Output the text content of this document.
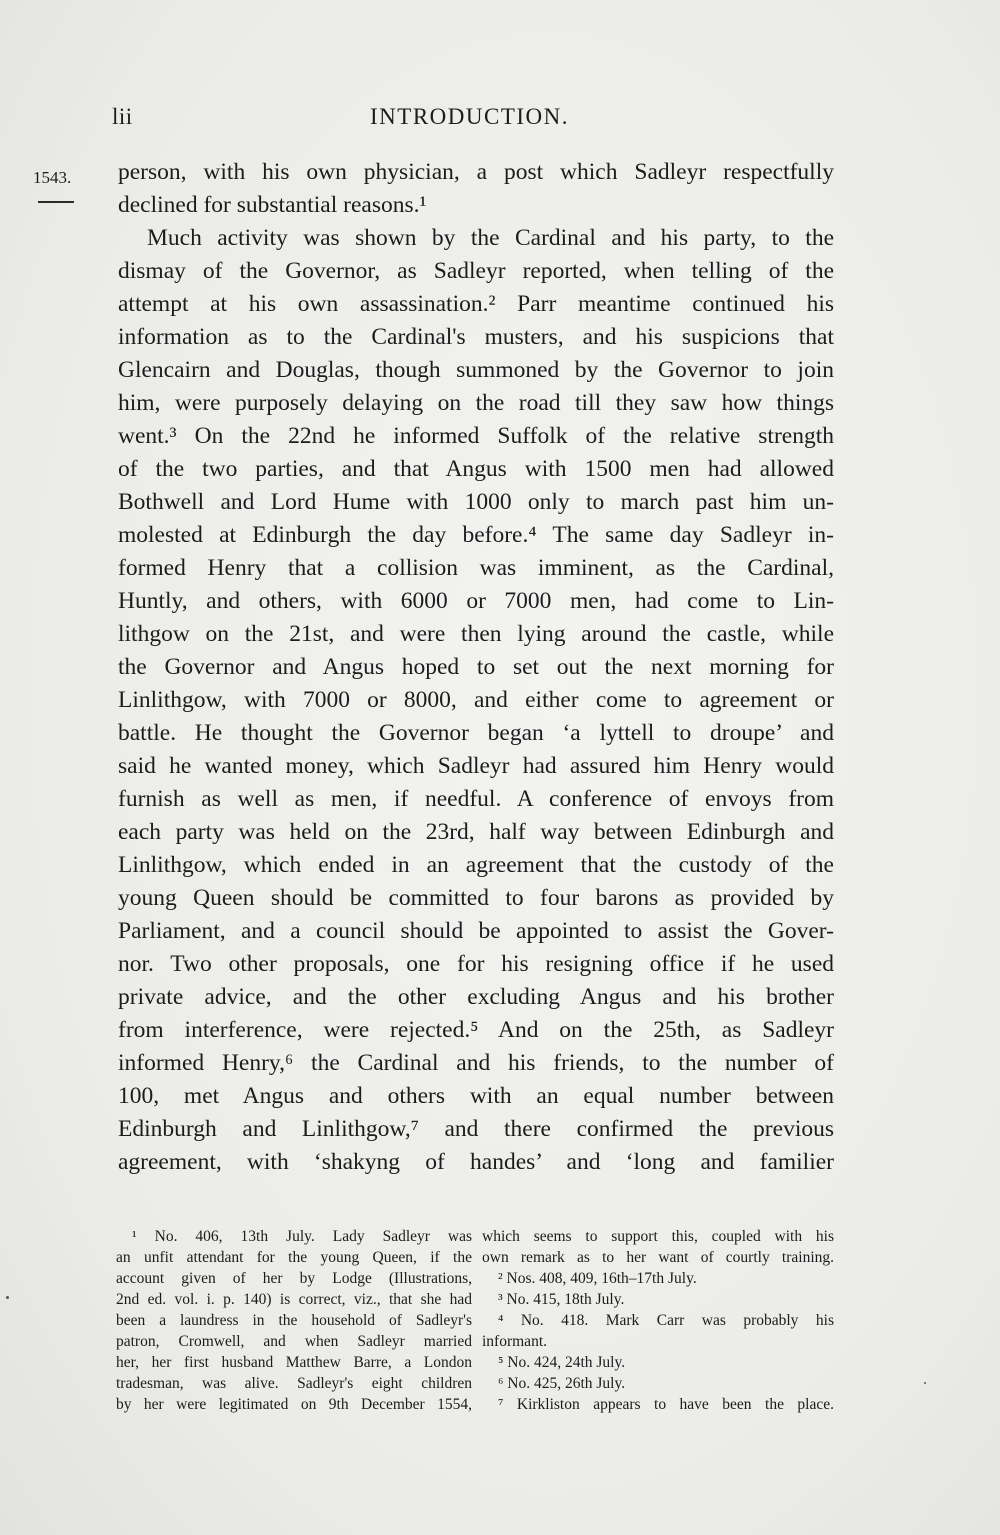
lii	INTRODUCTION.
1543. person, with his own physician, a post which Sadleyr respectfully
declined for substantial reasons.¹
Much activity was shown by the Cardinal and his party, to the
dismay of the Governor, as Sadleyr reported, when telling of the
attempt at his own assassination.² Parr meantime continued his
information as to the Cardinal's musters, and his suspicions that
Glencairn and Douglas, though summoned by the Governor to join
him, were purposely delaying on the road till they saw how things
went.³ On the 22nd he informed Suffolk of the relative strength
of the two parties, and that Angus with 1500 men had allowed
Bothwell and Lord Hume with 1000 only to march past him un-
molested at Edinburgh the day before.⁴ The same day Sadleyr in-
formed Henry that a collision was imminent, as the Cardinal,
Huntly, and others, with 6000 or 7000 men, had come to Lin-
lithgow on the 21st, and were then lying around the castle, while
the Governor and Angus hoped to set out the next morning for
Linlithgow, with 7000 or 8000, and either come to agreement or
battle. He thought the Governor began ‘a lyttell to droupe’ and
said he wanted money, which Sadleyr had assured him Henry would
furnish as well as men, if needful. A conference of envoys from
each party was held on the 23rd, half way between Edinburgh and
Linlithgow, which ended in an agreement that the custody of the
young Queen should be committed to four barons as provided by
Parliament, and a council should be appointed to assist the Gover-
nor. Two other proposals, one for his resigning office if he used
private advice, and the other excluding Angus and his brother
from interference, were rejected.⁵ And on the 25th, as Sadleyr
informed Henry,⁶ the Cardinal and his friends, to the number of
100, met Angus and others with an equal number between
Edinburgh and Linlithgow,⁷ and there confirmed the previous
agreement, with ‘shakyng of handes’ and ‘long and familier
¹ No. 406, 13th July. Lady Sadleyr was
an unfit attendant for the young Queen, if the
account given of her by Lodge (Illustrations,
2nd ed. vol. i. p. 140) is correct, viz., that she had
been a laundress in the household of Sadleyr's
patron, Cromwell, and when Sadleyr married
her, her first husband Matthew Barre, a London
tradesman, was alive. Sadleyr's eight children
by her were legitimated on 9th December 1554,
which seems to support this, coupled with his
own remark as to her want of courtly training.
² Nos. 408, 409, 16th–17th July.
³ No. 415, 18th July.
⁴ No. 418. Mark Carr was probably his
informant.
⁵ No. 424, 24th July.
⁶ No. 425, 26th July.
⁷ Kirkliston appears to have been the place.
